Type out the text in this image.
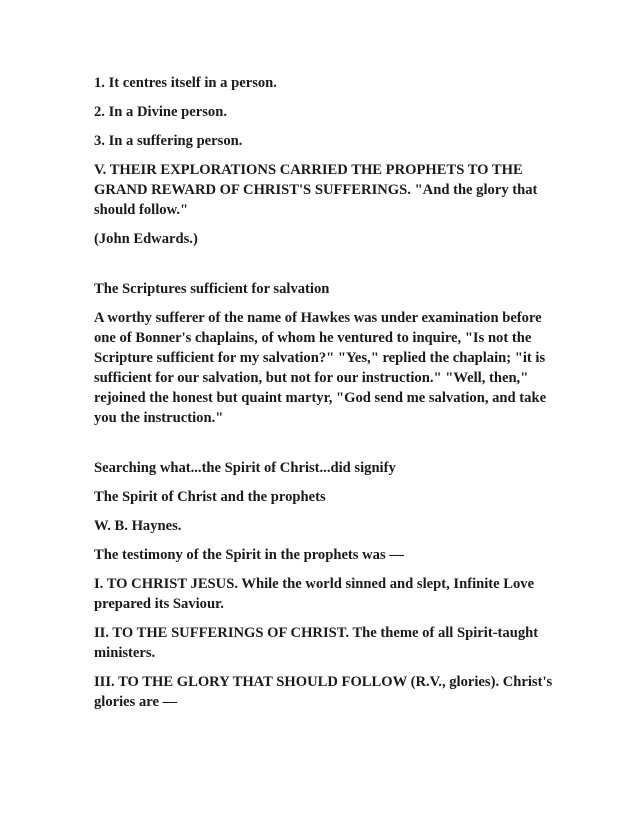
1. It centres itself in a person.

2. In a Divine person.

3. In a suffering person.

V. THEIR EXPLORATIONS CARRIED THE PROPHETS TO THE GRAND REWARD OF CHRIST'S SUFFERINGS. "And the glory that should follow."

(John Edwards.)

The Scriptures sufficient for salvation

A worthy sufferer of the name of Hawkes was under examination before one of Bonner's chaplains, of whom he ventured to inquire, "Is not the Scripture sufficient for my salvation?" "Yes," replied the chaplain; "it is sufficient for our salvation, but not for our instruction." "Well, then," rejoined the honest but quaint martyr, "God send me salvation, and take you the instruction."

Searching what...the Spirit of Christ...did signify

The Spirit of Christ and the prophets

W. B. Haynes.

The testimony of the Spirit in the prophets was —

I. TO CHRIST JESUS. While the world sinned and slept, Infinite Love prepared its Saviour.

II. TO THE SUFFERINGS OF CHRIST. The theme of all Spirit-taught ministers.

III. TO THE GLORY THAT SHOULD FOLLOW (R.V., glories). Christ's glories are —
